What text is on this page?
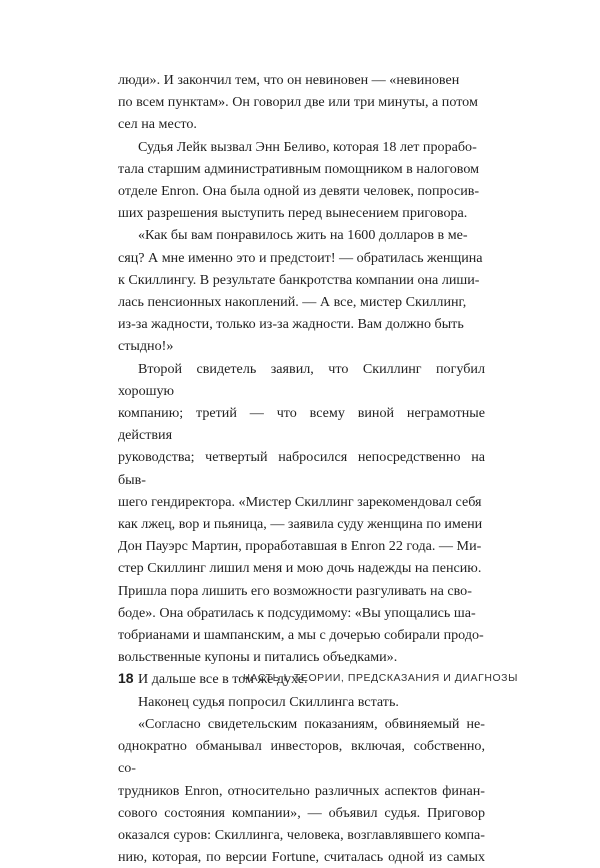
люди». И закончил тем, что он невиновен — «невиновен
по всем пунктам». Он говорил две или три минуты, а потом
сел на место.

Судья Лейк вызвал Энн Беливо, которая 18 лет прорабо-
тала старшим административным помощником в налоговом
отделе Enron. Она была одной из девяти человек, попросив-
ших разрешения выступить перед вынесением приговора.

«Как бы вам понравилось жить на 1600 долларов в ме-
сяц? А мне именно это и предстоит! — обратилась женщина
к Скиллингу. В результате банкротства компании она лиши-
лась пенсионных накоплений. — А все, мистер Скиллинг,
из-за жадности, только из-за жадности. Вам должно быть
стыдно!»

Второй свидетель заявил, что Скиллинг погубил хорошую
компанию; третий — что всему виной неграмотные действия
руководства; четвертый набросился непосредственно на быв-
шего гендиректора. «Мистер Скиллинг зарекомендовал себя
как лжец, вор и пьяница, — заявила суду женщина по имени
Дон Пауэрс Мартин, проработавшая в Enron 22 года. — Ми-
стер Скиллинг лишил меня и мою дочь надежды на пенсию.
Пришла пора лишить его возможности разгуливать на сво-
боде». Она обратилась к подсудимому: «Вы упощались ша-
тобрианами и шампанским, а мы с дочерью собирали продо-
вольственные купоны и питались объедками».

И дальше все в том же духе.

Наконец судья попросил Скиллинга встать.

«Согласно свидетельским показаниям, обвиняемый не-
однократно обманывал инвесторов, включая, собственно, со-
трудников Enron, относительно различных аспектов финан-
сового состояния компании», — объявил судья. Приговор
оказался суров: Скиллинга, человека, возглавлявшего компа-
нию, которая, по версии Fortune, считалась одной из самых

18	ЧАСТЬ I. ТЕОРИИ, ПРЕДСКАЗАНИЯ И ДИАГНОЗЫ
